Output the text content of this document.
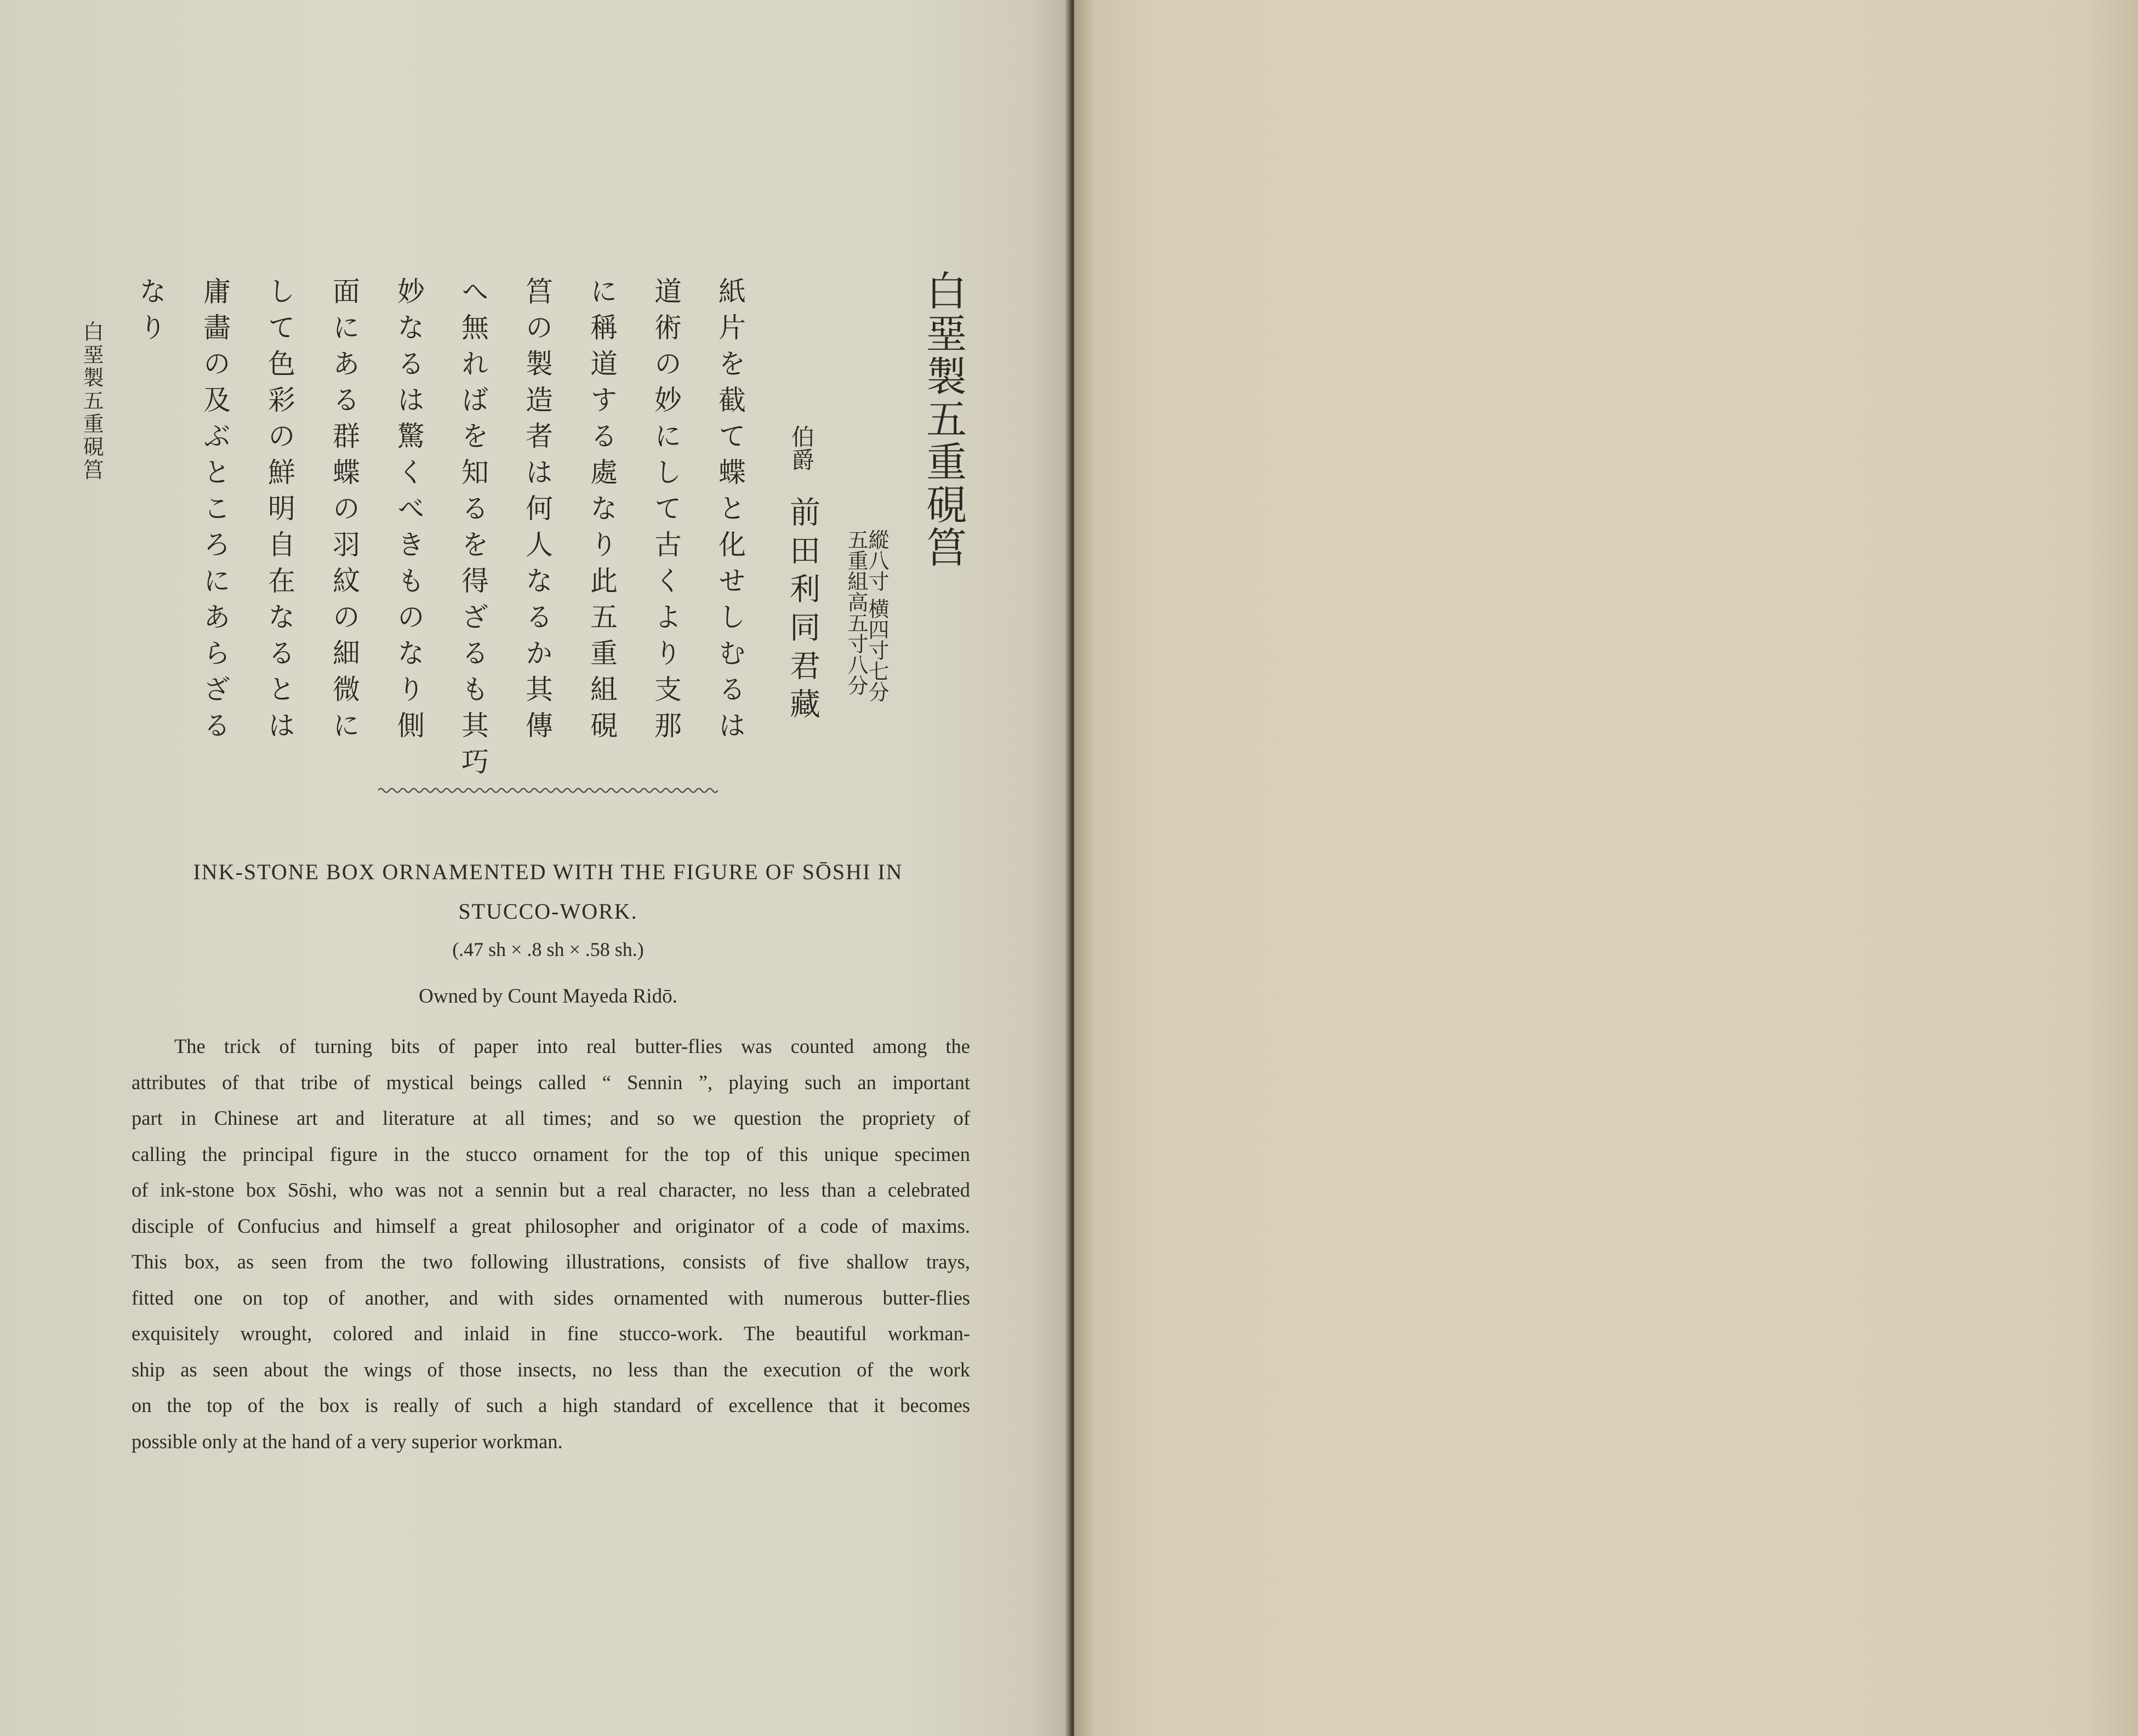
白堊製五重硯筥
縱八寸 横四寸七分
五重組高五寸八分
伯爵
前田利同君藏
紙片を截て蝶と化せしむるは
道術の妙にして古くより支那
に稱道する處なり此五重組硯
筥の製造者は何人なるか其傳
へ無ればを知るを得ざるも其巧
妙なるは驚くべきものなり側
面にある群蝶の羽紋の細微に
して色彩の鮮明自在なるとは
庸畵の及ぶところにあらざる
なり
白堊製五重硯筥
INK-STONE BOX ORNAMENTED WITH THE FIGURE OF SŌSHI IN
STUCCO-WORK.
(.47 sh × .8 sh × .58 sh.)
Owned by Count Mayeda Ridō.
The trick of turning bits of paper into real butter-flies was counted among the
attributes of that tribe of mystical beings called “ Sennin ”, playing such an important
part in Chinese art and literature at all times; and so we question the propriety of
calling the principal figure in the stucco ornament for the top of this unique specimen
of ink-stone box Sōshi, who was not a sennin but a real character, no less than a celebrated
disciple of Confucius and himself a great philosopher and originator of a code of maxims.
This box, as seen from the two following illustrations, consists of five shallow trays,
fitted one on top of another, and with sides ornamented with numerous butter-flies
exquisitely wrought, colored and inlaid in fine stucco-work. The beautiful workman-
ship as seen about the wings of those insects, no less than the execution of the work
on the top of the box is really of such a high standard of excellence that it becomes
possible only at the hand of a very superior workman.
